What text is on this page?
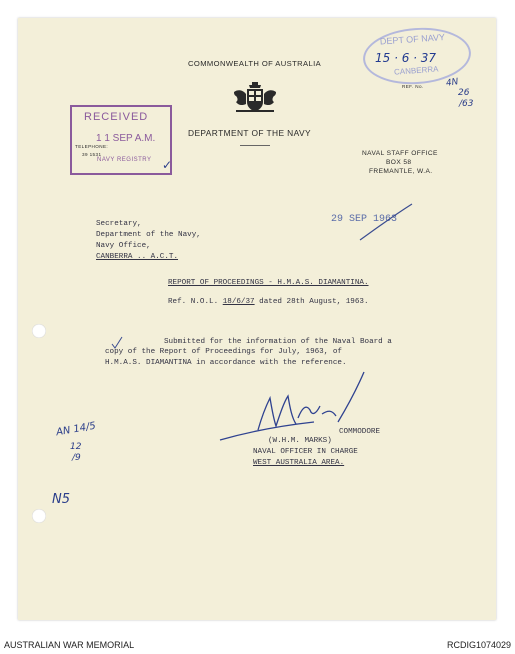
COMMONWEALTH OF AUSTRALIA
DEPARTMENT OF THE NAVY
TELEPHONE:
39 1531
REF. No.
NAVAL STAFF OFFICE
BOX 58
FREMANTLE, W.A.
RECEIVED
1 1 SEP A.M.
NAVY REGISTRY ✓
DEPT OF NAVY
CANBERRA
15 · 6 · 37
4N
26
/63
29 SEP 1963
Secretary,
Department of the Navy,
Navy Office,
CANBERRA .. A.C.T.
REPORT OF PROCEEDINGS - H.M.A.S. DIAMANTINA.
Ref. N.O.L. 18/6/37 dated 28th August, 1963.
Submitted for the information of the Naval Board a
copy of the Report of Proceedings for July, 1963, of
H.M.A.S. DIAMANTINA in accordance with the reference.
COMMODORE
(W.H.M. MARKS)
NAVAL OFFICER IN CHARGE
WEST AUSTRALIA AREA.
AN 14/5
12
/9
N5
AUSTRALIAN WAR MEMORIAL	RCDIG1074029
